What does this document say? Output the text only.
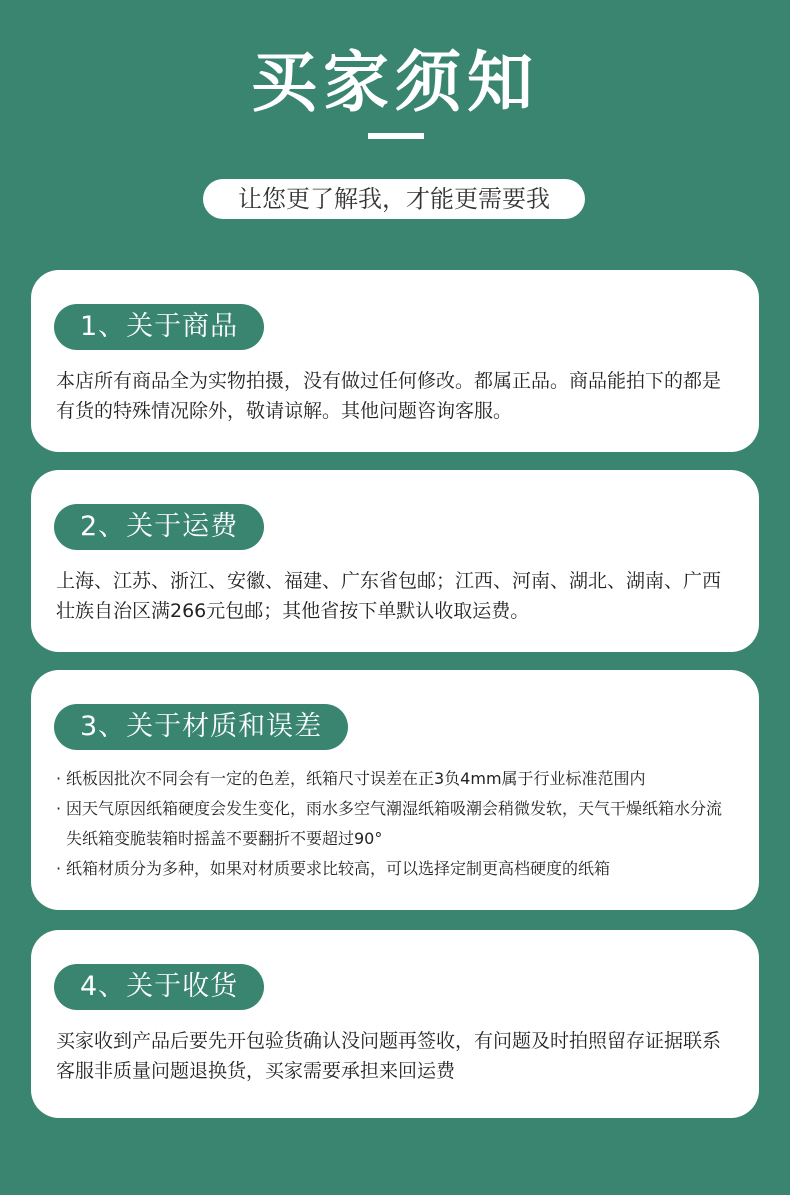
买家须知
让您更了解我，才能更需要我
1、关于商品

本店所有商品全为实物拍摄，没有做过任何修改。都属正品。商品能拍下的都是有货的特殊情况除外，敬请谅解。其他问题咨询客服。

2、关于运费

上海、江苏、浙江、安徽、福建、广东省包邮；江西、河南、湖北、湖南、广西壮族自治区满266元包邮；其他省按下单默认收取运费。

3、关于材质和误差
· 纸板因批次不同会有一定的色差，纸箱尺寸误差在正3负4mm属于行业标准范围内
· 因天气原因纸箱硬度会发生变化，雨水多空气潮湿纸箱吸潮会稍微发软，天气干燥纸箱水分流失纸箱变脆装箱时摇盖不要翻折不要超过90°
· 纸箱材质分为多种，如果对材质要求比较高，可以选择定制更高档硬度的纸箱
4、关于收货

买家收到产品后要先开包验货确认没问题再签收，有问题及时拍照留存证据联系客服非质量问题退换货，买家需要承担来回运费
